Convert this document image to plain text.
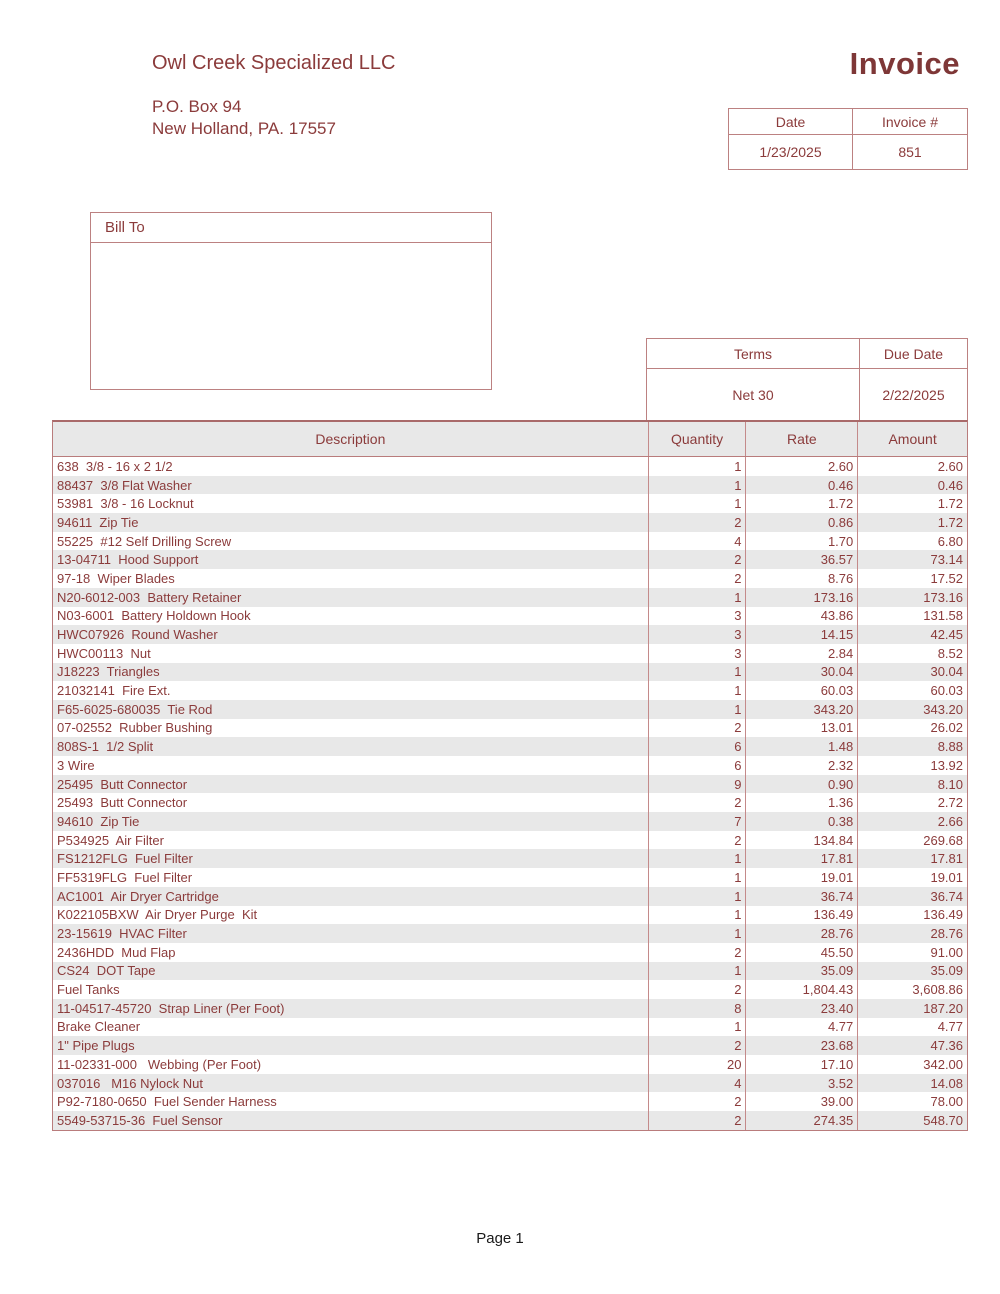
Owl Creek Specialized LLC	Invoice
P.O. Box 94
New Holland, PA. 17557	Date	Invoice #
1/23/2025	851
Bill To
Terms	Due Date
Net 30	2/22/2025
Description	Quantity	Rate	Amount
638  3/8 - 16 x 2 1/2	1	2.60	2.60
88437  3/8 Flat Washer	1	0.46	0.46
53981  3/8 - 16 Locknut	1	1.72	1.72
94611  Zip Tie	2	0.86	1.72
55225  #12 Self Drilling Screw	4	1.70	6.80
13-04711  Hood Support	2	36.57	73.14
97-18  Wiper Blades	2	8.76	17.52
N20-6012-003  Battery Retainer	1	173.16	173.16
N03-6001  Battery Holdown Hook	3	43.86	131.58
HWC07926  Round Washer	3	14.15	42.45
HWC00113  Nut	3	2.84	8.52
J18223  Triangles	1	30.04	30.04
21032141  Fire Ext.	1	60.03	60.03
F65-6025-680035  Tie Rod	1	343.20	343.20
07-02552  Rubber Bushing	2	13.01	26.02
808S-1  1/2 Split	6	1.48	8.88
3 Wire	6	2.32	13.92
25495  Butt Connector	9	0.90	8.10
25493  Butt Connector	2	1.36	2.72
94610  Zip Tie	7	0.38	2.66
P534925  Air Filter	2	134.84	269.68
FS1212FLG  Fuel Filter	1	17.81	17.81
FF5319FLG  Fuel Filter	1	19.01	19.01
AC1001  Air Dryer Cartridge	1	36.74	36.74
K022105BXW  Air Dryer Purge  Kit	1	136.49	136.49
23-15619  HVAC Filter	1	28.76	28.76
2436HDD  Mud Flap	2	45.50	91.00
CS24  DOT Tape	1	35.09	35.09
Fuel Tanks	2	1,804.43	3,608.86
11-04517-45720  Strap Liner (Per Foot)	8	23.40	187.20
Brake Cleaner	1	4.77	4.77
1" Pipe Plugs	2	23.68	47.36
11-02331-000   Webbing (Per Foot)	20	17.10	342.00
037016   M16 Nylock Nut	4	3.52	14.08
P92-7180-0650  Fuel Sender Harness	2	39.00	78.00
5549-53715-36  Fuel Sensor	2	274.35	548.70
Page 1
